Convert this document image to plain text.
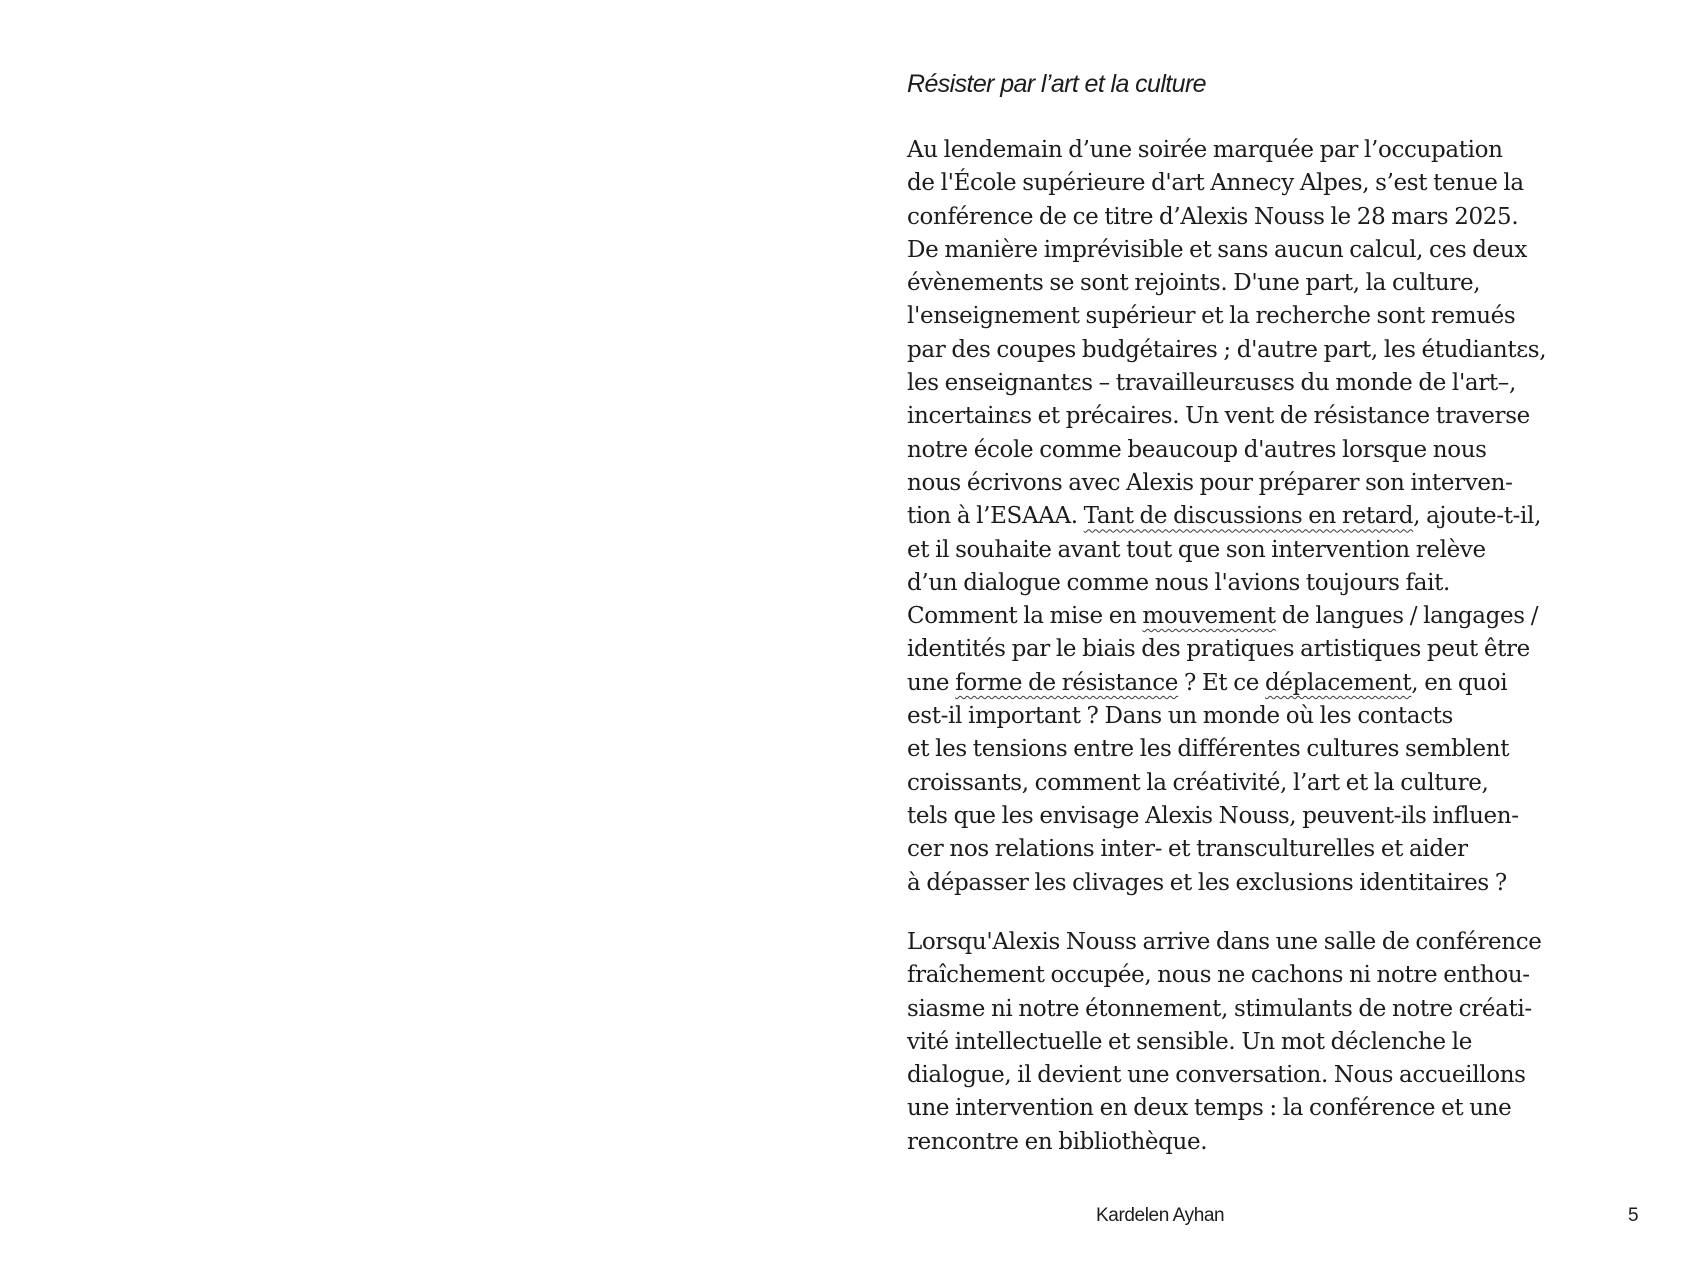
Résister par l’art et la culture
Au lendemain d’une soirée marquée par l’occupation
de l'École supérieure d'art Annecy Alpes, s’est tenue la
conférence de ce titre d’Alexis Nouss le 28 mars 2025.
De manière imprévisible et sans aucun calcul, ces deux
évènements se sont rejoints. D'une part, la culture,
l'enseignement supérieur et la recherche sont remués
par des coupes budgétaires ; d'autre part, les étudiantεs,
les enseignantεs – travailleurεusεs du monde de l'art–,
incertainεs et précaires. Un vent de résistance traverse
notre école comme beaucoup d'autres lorsque nous
nous écrivons avec Alexis pour préparer son interven-
tion à l’ESAAA. Tant de discussions en retard, ajoute-t-il,
et il souhaite avant tout que son intervention relève
d’un dialogue comme nous l'avions toujours fait.
Comment la mise en mouvement de langues / langages /
identités par le biais des pratiques artistiques peut être
une forme de résistance ? Et ce déplacement, en quoi
est-il important ? Dans un monde où les contacts
et les tensions entre les différentes cultures semblent
croissants, comment la créativité, l’art et la culture,
tels que les envisage Alexis Nouss, peuvent-ils influen-
cer nos relations inter- et transculturelles et aider
à dépasser les clivages et les exclusions identitaires ?
Lorsqu'Alexis Nouss arrive dans une salle de conférence
fraîchement occupée, nous ne cachons ni notre enthou-
siasme ni notre étonnement, stimulants de notre créati-
vité intellectuelle et sensible. Un mot déclenche le
dialogue, il devient une conversation. Nous accueillons
une intervention en deux temps : la conférence et une
rencontre en bibliothèque.
Kardelen Ayhan	5
